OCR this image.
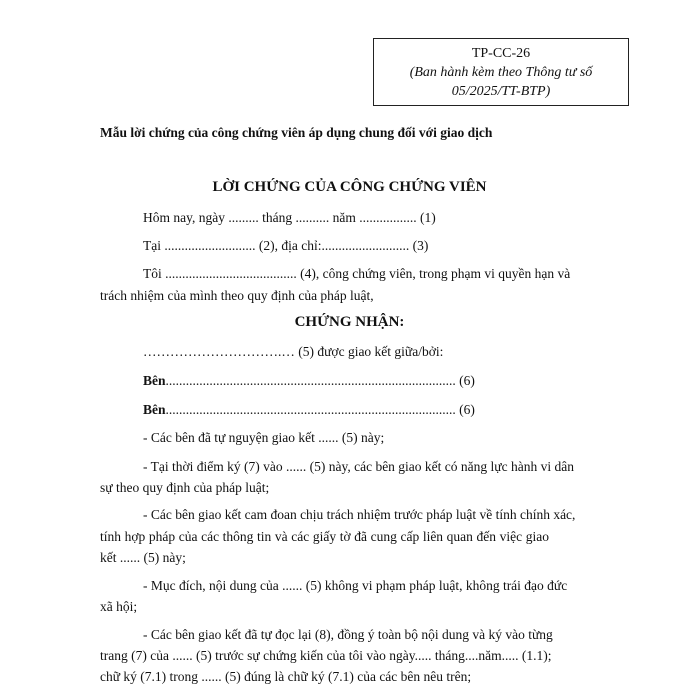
TP-CC-26
(Ban hành kèm theo Thông tư số
05/2025/TT-BTP)
Mẫu lời chứng của công chứng viên áp dụng chung đối với giao dịch
LỜI CHỨNG CỦA CÔNG CHỨNG VIÊN
Hôm nay, ngày ......... tháng .......... năm ................. (1)
Tại ........................... (2), địa chỉ:.......................... (3)
Tôi ....................................... (4), công chứng viên, trong phạm vi quyền hạn và
trách nhiệm của mình theo quy định của pháp luật,
CHỨNG NHẬN:
………………………….… (5) được giao kết giữa/bởi:
Bên...................................................................................... (6)
Bên...................................................................................... (6)
- Các bên đã tự nguyện giao kết ...... (5) này;
- Tại thời điểm ký (7) vào ...... (5) này, các bên giao kết có năng lực hành vi dân
sự theo quy định của pháp luật;
- Các bên giao kết cam đoan chịu trách nhiệm trước pháp luật về tính chính xác,
tính hợp pháp của các thông tin và các giấy tờ đã cung cấp liên quan đến việc giao
kết ...... (5) này;
- Mục đích, nội dung của ...... (5) không vi phạm pháp luật, không trái đạo đức
xã hội;
- Các bên giao kết đã tự đọc lại (8), đồng ý toàn bộ nội dung và ký vào từng
trang (7) của ...... (5) trước sự chứng kiến của tôi vào ngày..... tháng....năm..... (1.1);
chữ ký (7.1) trong ...... (5) đúng là chữ ký (7.1) của các bên nêu trên;
